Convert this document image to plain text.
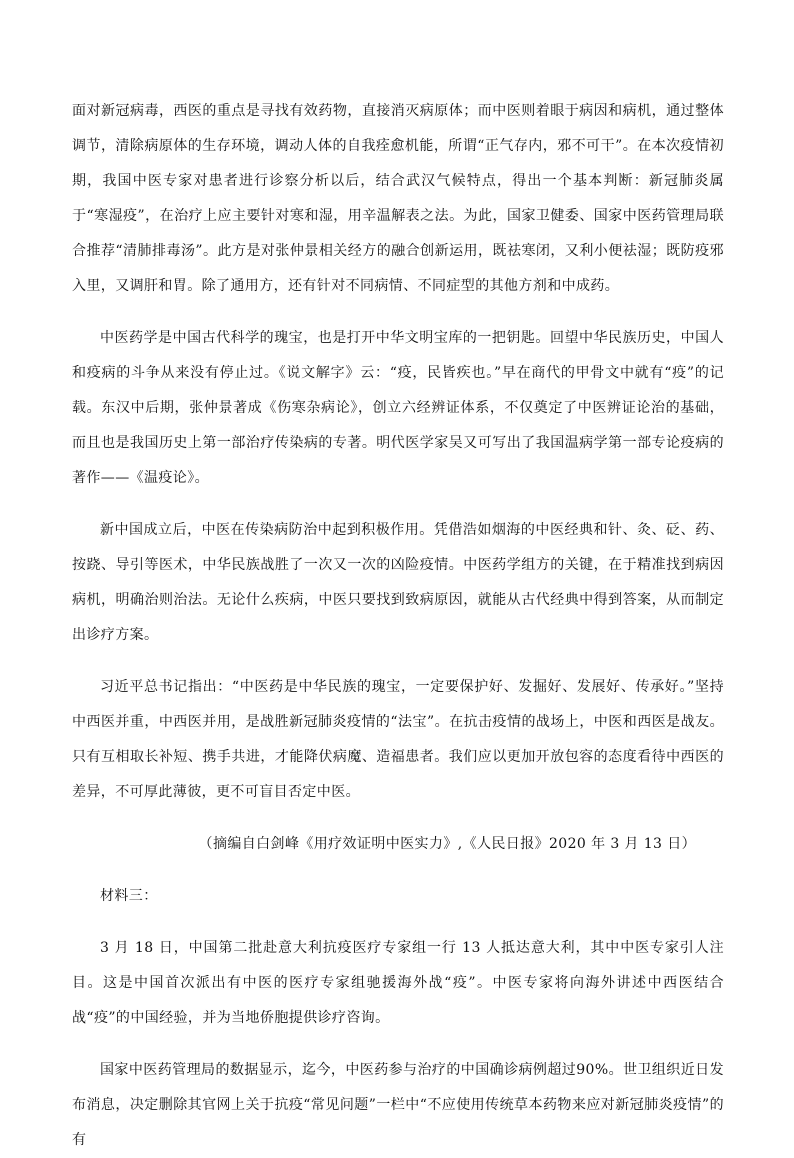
面对新冠病毒，西医的重点是寻找有效药物，直接消灭病原体；而中医则着眼于病因和病机，通过整体调节，清除病原体的生存环境，调动人体的自我痊愈机能，所谓“正气存内，邪不可干”。在本次疫情初期，我国中医专家对患者进行诊察分析以后，结合武汉气候特点，得出一个基本判断：新冠肺炎属于“寒湿疫”，在治疗上应主要针对寒和湿，用辛温解表之法。为此，国家卫健委、国家中医药管理局联合推荐“清肺排毒汤”。此方是对张仲景相关经方的融合创新运用，既祛寒闭，又利小便祛湿；既防疫邪入里，又调肝和胃。除了通用方，还有针对不同病情、不同症型的其他方剂和中成药。

中医药学是中国古代科学的瑰宝，也是打开中华文明宝库的一把钥匙。回望中华民族历史，中国人和疫病的斗争从来没有停止过。《说文解字》云：“疫，民皆疾也。”早在商代的甲骨文中就有“疫”的记载。东汉中后期，张仲景著成《伤寒杂病论》，创立六经辨证体系，不仅奠定了中医辨证论治的基础，而且也是我国历史上第一部治疗传染病的专著。明代医学家吴又可写出了我国温病学第一部专论疫病的著作——《温疫论》。

新中国成立后，中医在传染病防治中起到积极作用。凭借浩如烟海的中医经典和针、灸、砭、药、按跷、导引等医术，中华民族战胜了一次又一次的凶险疫情。中医药学组方的关键，在于精准找到病因病机，明确治则治法。无论什么疾病，中医只要找到致病原因，就能从古代经典中得到答案，从而制定出诊疗方案。

习近平总书记指出：“中医药是中华民族的瑰宝，一定要保护好、发掘好、发展好、传承好。”坚持中西医并重，中西医并用，是战胜新冠肺炎疫情的“法宝”。在抗击疫情的战场上，中医和西医是战友。只有互相取长补短、携手共进，才能降伏病魔、造福患者。我们应以更加开放包容的态度看待中西医的差异，不可厚此薄彼，更不可盲目否定中医。

（摘编自白剑峰《用疗效证明中医实力》,《人民日报》2020 年 3 月 13 日）

材料三：

3 月 18 日，中国第二批赴意大利抗疫医疗专家组一行 13 人抵达意大利，其中中医专家引人注目。这是中国首次派出有中医的医疗专家组驰援海外战“疫”。中医专家将向海外讲述中西医结合战“疫”的中国经验，并为当地侨胞提供诊疗咨询。

国家中医药管理局的数据显示，迄今，中医药参与治疗的中国确诊病例超过90%。世卫组织近日发布消息，决定删除其官网上关于抗疫“常见问题”一栏中“不应使用传统草本药物来应对新冠肺炎疫情”的有
